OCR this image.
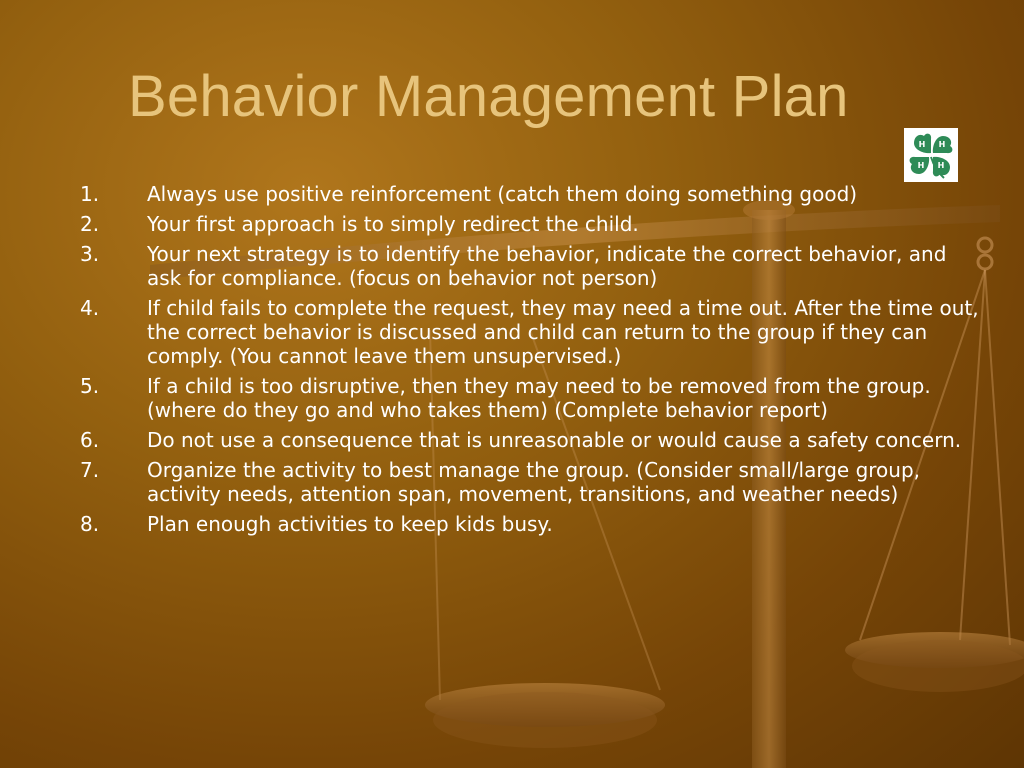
Behavior Management Plan
H H
H H
1.	Always use positive reinforcement (catch them doing something good)
2.	Your first approach is to simply redirect the child.
3.	Your next strategy is to identify the behavior, indicate the correct behavior, and ask for compliance. (focus on behavior not person)
4.	If child fails to complete the request, they may need a time out. After the time out, the correct behavior is discussed and child can return to the group if they can comply. (You cannot leave them unsupervised.)
5.	If a child is too disruptive, then they may need to be removed from the group. (where do they go and who takes them) (Complete behavior report)
6.	Do not use a consequence that is unreasonable or would cause a safety concern.
7.	Organize the activity to best manage the group. (Consider small/large group, activity needs, attention span, movement, transitions, and weather needs)
8.	Plan enough activities to keep kids busy.
